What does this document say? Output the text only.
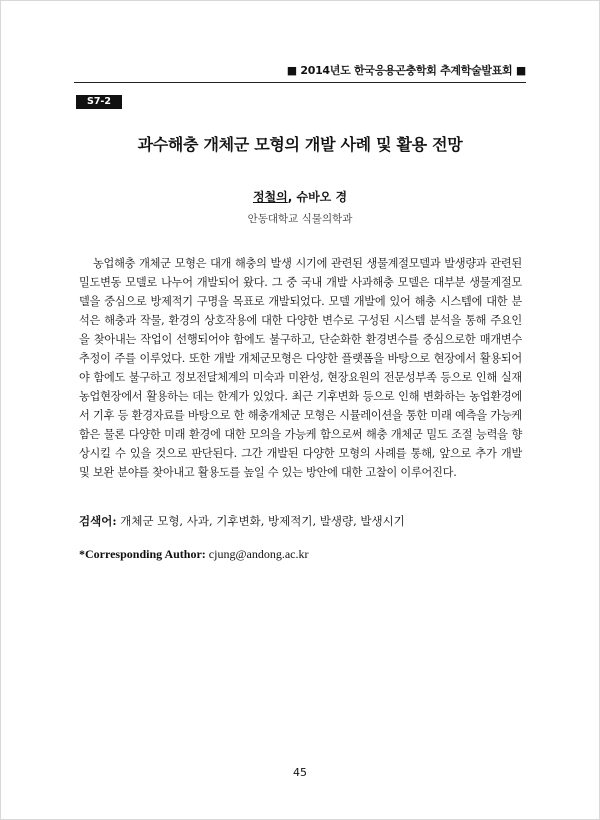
■ 2014년도 한국응용곤충학회 추계학술발표회 ■
S7-2
과수해충 개체군 모형의 개발 사례 및 활용 전망
정철의, 슈바오 경
안동대학교 식물의학과

농업해충 개체군 모형은 대개 해충의 발생 시기에 관련된 생물계절모델과 발생량과 관련된 밀도변동 모델로 나누어 개발되어 왔다. 그 중 국내 개발 사과해충 모델은 대부분 생물계절모델을 중심으로 방제적기 구명을 목표로 개발되었다. 모델 개발에 있어 해충 시스템에 대한 분석은 해충과 작물, 환경의 상호작용에 대한 다양한 변수로 구성된 시스템 분석을 통해 주요인을 찾아내는 작업이 선행되어야 함에도 불구하고, 단순화한 환경변수를 중심으로한 매개변수 추정이 주를 이루었다. 또한 개발 개체군모형은 다양한 플랫폼을 바탕으로 현장에서 활용되어야 함에도 불구하고 정보전달체계의 미숙과 미완성, 현장요원의 전문성부족 등으로 인해 실재 농업현장에서 활용하는 데는 한계가 있었다. 최근 기후변화 등으로 인해 변화하는 농업환경에서 기후 등 환경자료를 바탕으로 한 해충개체군 모형은 시뮬레이션을 통한 미래 예측을 가능케 함은 물론 다양한 미래 환경에 대한 모의을 가능케 함으로써 해충 개체군 밀도 조절 능력을 향상시킬 수 있을 것으로 판단된다. 그간 개발된 다양한 모형의 사례를 통해, 앞으로 추가 개발 및 보완 분야를 찾아내고 활용도를 높일 수 있는 방안에 대한 고찰이 이루어진다.

검색어: 개체군 모형, 사과, 기후변화, 방제적기, 발생량, 발생시기
*Corresponding Author: cjung@andong.ac.kr
45
